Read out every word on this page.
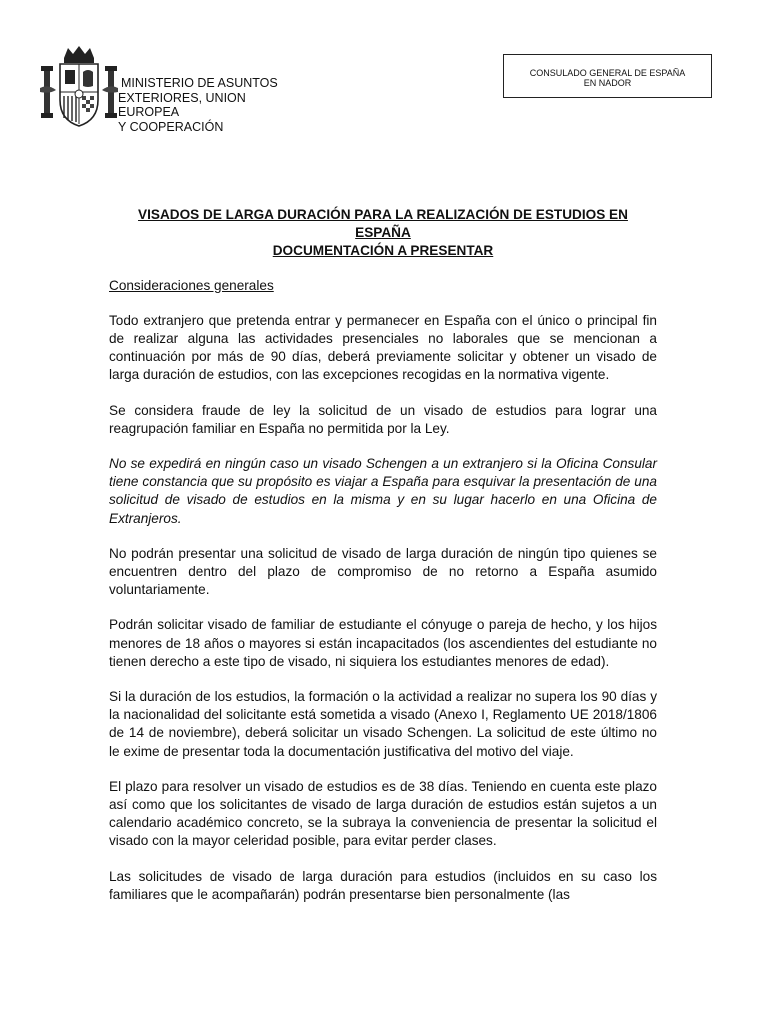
MINISTERIO DE ASUNTOS
EXTERIORES, UNION
EUROPEA
Y COOPERACIÓN
CONSULADO GENERAL DE ESPAÑA
EN NADOR
VISADOS DE LARGA DURACIÓN PARA LA REALIZACIÓN DE ESTUDIOS EN ESPAÑA
DOCUMENTACIÓN A PRESENTAR
Consideraciones generales

Todo extranjero que pretenda entrar y permanecer en España con el único o principal fin de realizar alguna las actividades presenciales no laborales que se mencionan a continuación por más de 90 días, deberá previamente solicitar y obtener un visado de larga duración de estudios, con las excepciones recogidas en la normativa vigente.

Se considera fraude de ley la solicitud de un visado de estudios para lograr una reagrupación familiar en España no permitida por la Ley.

No se expedirá en ningún caso un visado Schengen a un extranjero si la Oficina Consular tiene constancia que su propósito es viajar a España para esquivar la presentación de una solicitud de visado de estudios en la misma y en su lugar hacerlo en una Oficina de Extranjeros.

No podrán presentar una solicitud de visado de larga duración de ningún tipo quienes se encuentren dentro del plazo de compromiso de no retorno a España asumido voluntariamente.

Podrán solicitar visado de familiar de estudiante el cónyuge o pareja de hecho, y los hijos menores de 18 años o mayores si están incapacitados (los ascendientes del estudiante no tienen derecho a este tipo de visado, ni siquiera los estudiantes menores de edad).

Si la duración de los estudios, la formación o la actividad a realizar no supera los 90 días y la nacionalidad del solicitante está sometida a visado (Anexo I, Reglamento UE 2018/1806 de 14 de noviembre), deberá solicitar un visado Schengen. La solicitud de este último no le exime de presentar toda la documentación justificativa del motivo del viaje.

El plazo para resolver un visado de estudios es de 38 días. Teniendo en cuenta este plazo así como que los solicitantes de visado de larga duración de estudios están sujetos a un calendario académico concreto, se la subraya la conveniencia de presentar la solicitud el visado con la mayor celeridad posible, para evitar perder clases.

Las solicitudes de visado de larga duración para estudios (incluidos en su caso los familiares que le acompañarán) podrán presentarse bien personalmente (las
